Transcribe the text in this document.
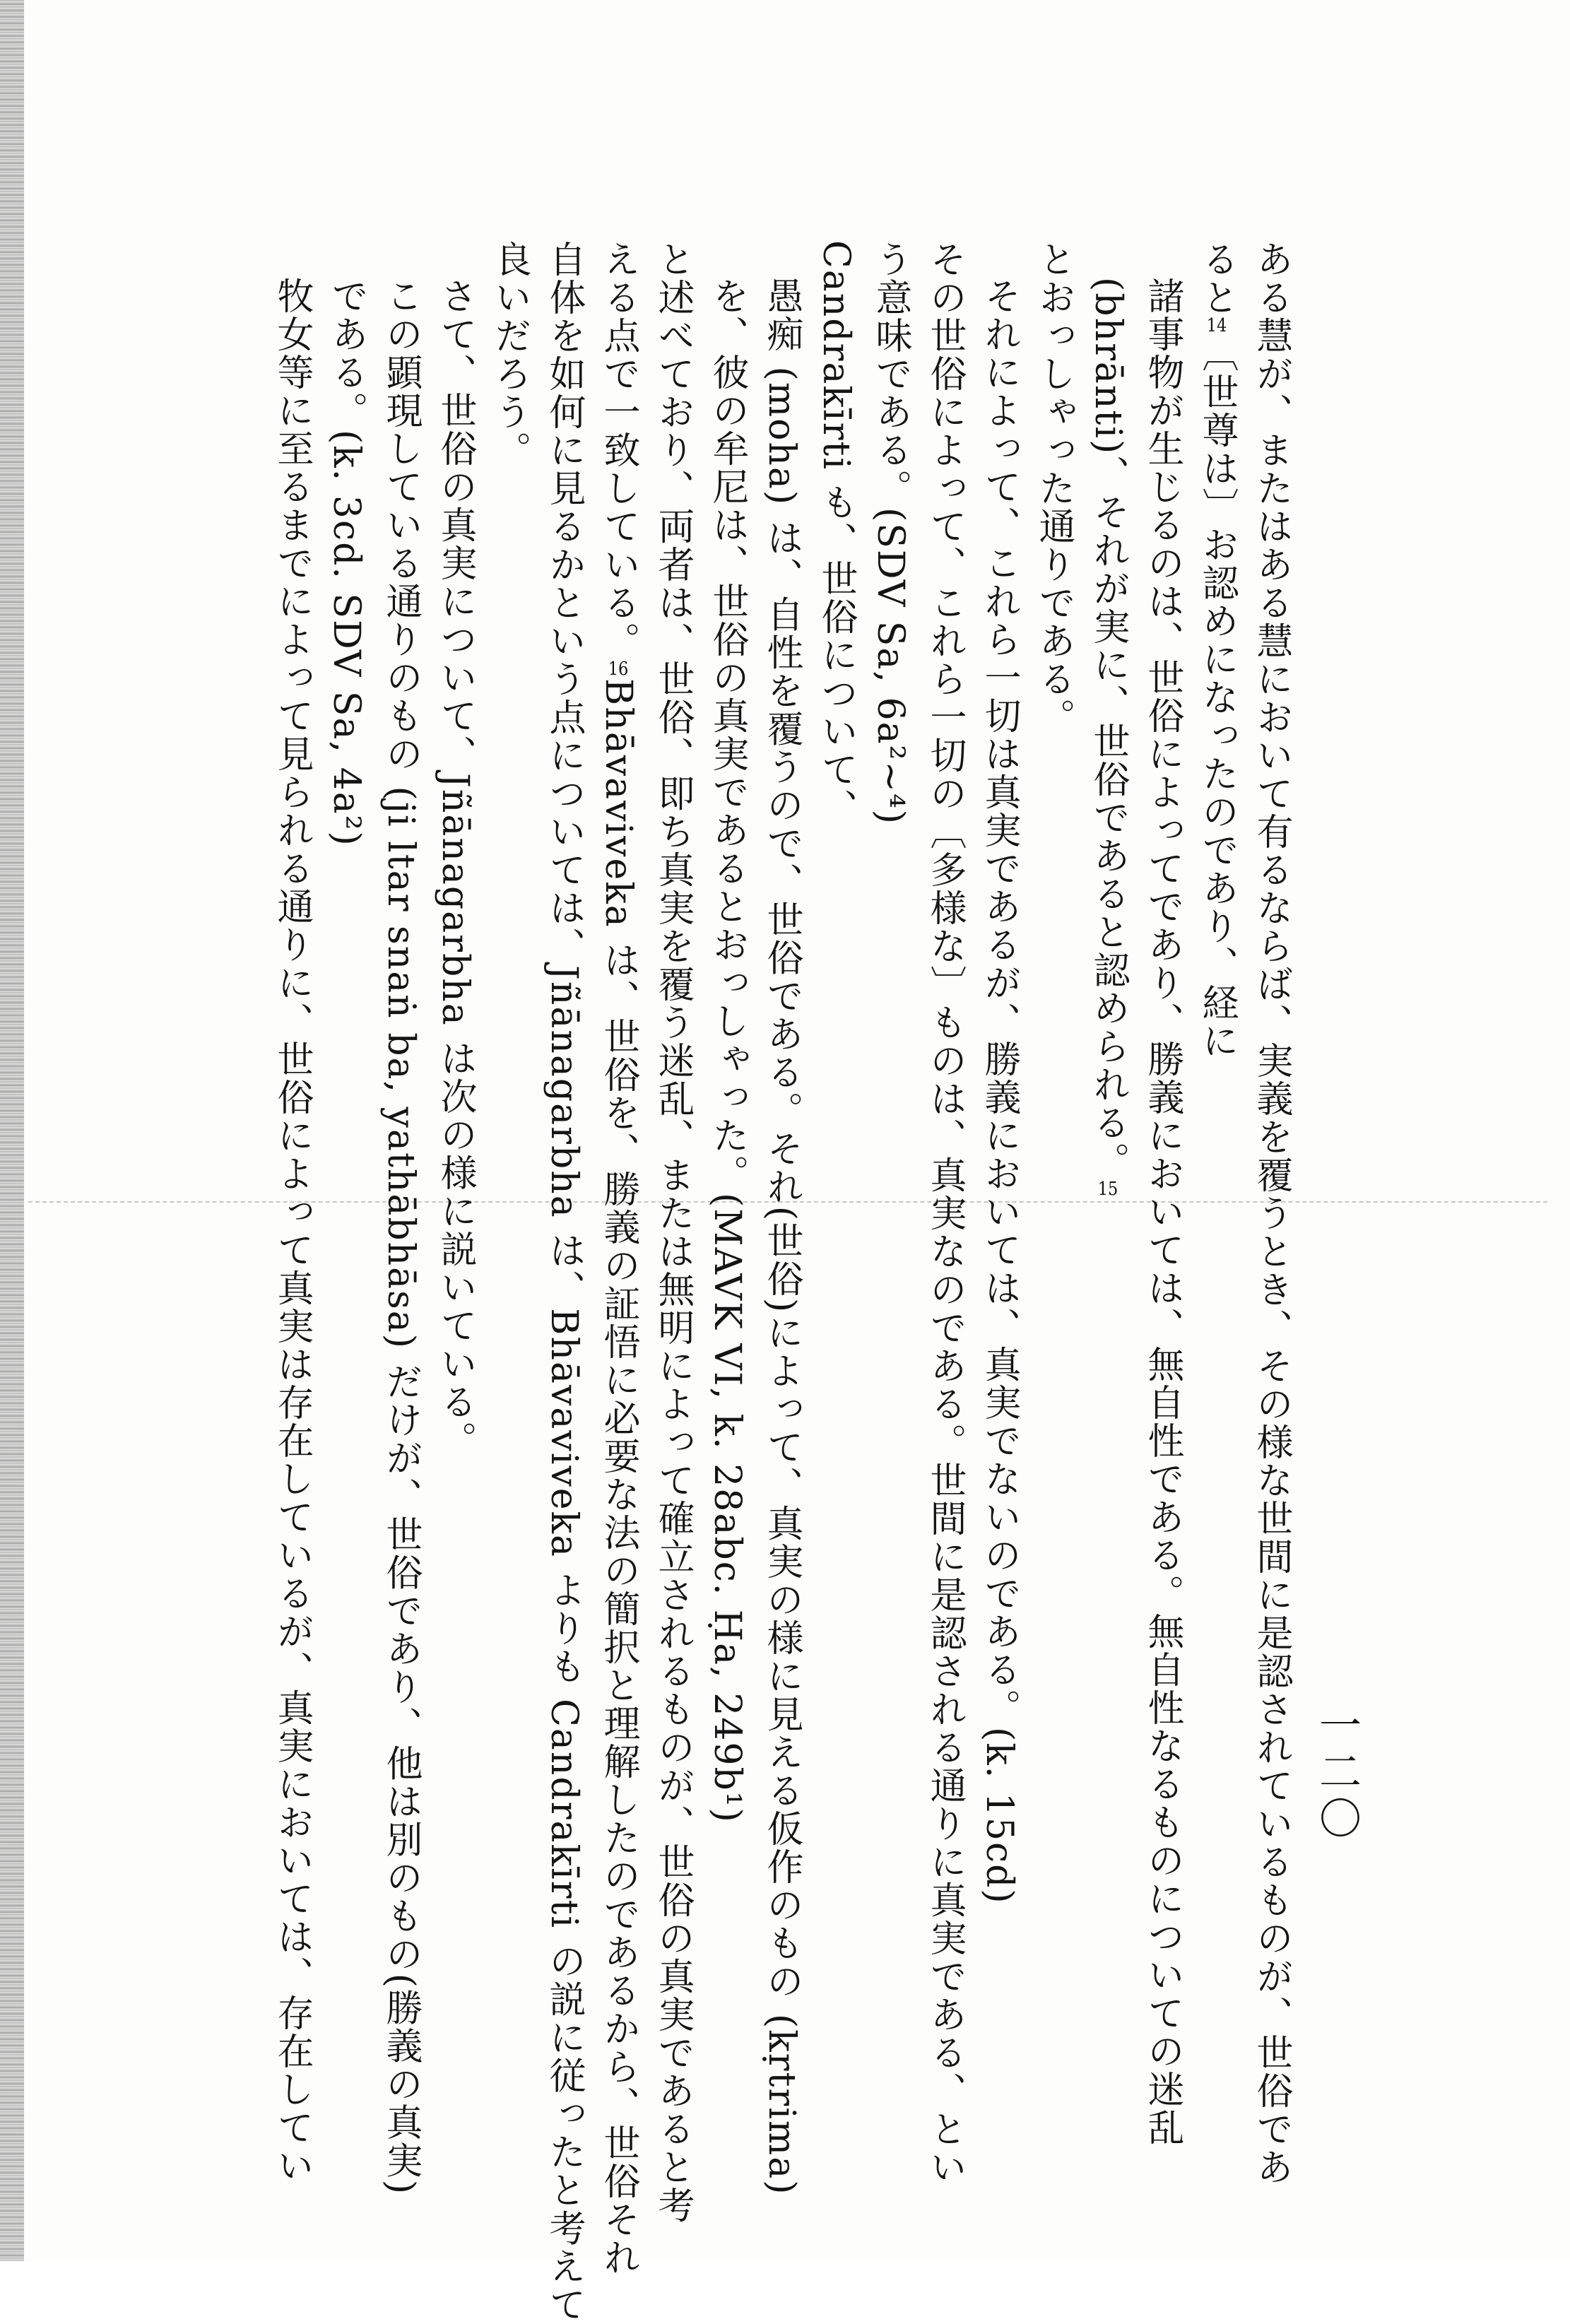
一二〇
ある慧が、またはある慧において有るならば、実義を覆うとき、その様な世間に是認されているものが、世俗であ
ると14〔世尊は〕お認めになったのであり、経に
諸事物が生じるのは、世俗によってであり、勝義においては、無自性である。無自性なるものについての迷乱
(bhrānti)、それが実に、世俗であると認められる。15
とおっしゃった通りである。
それによって、これら一切は真実であるが、勝義においては、真実でないのである。(k. 15cd)
その世俗によって、これら一切の〔多様な〕ものは、真実なのである。世間に是認される通りに真実である、とい
う意味である。(SDV Sa, 6a²~⁴)
Candrakīrti も、世俗について、
愚痴 (moha) は、自性を覆うので、世俗である。それ(世俗)によって、真実の様に見える仮作のもの (kṛtrima)
を、彼の牟尼は、世俗の真実であるとおっしゃった。(MAVK VI, k. 28abc. Ḥa, 249b¹)
と述べており、両者は、世俗、即ち真実を覆う迷乱、または無明によって確立されるものが、世俗の真実であると考
える点で一致している。16Bhāvaviveka は、世俗を、勝義の証悟に必要な法の簡択と理解したのであるから、世俗それ
自体を如何に見るかという点については、Jñānagarbha は、Bhāvaviveka よりも Candrakīrti の説に従ったと考えて
良いだろう。
さて、世俗の真実について、Jñānagarbha は次の様に説いている。
この顕現している通りのもの (ji ltar snaṅ ba, yathābhāsa) だけが、世俗であり、他は別のもの(勝義の真実)
である。(k. 3cd. SDV Sa, 4a²)
牧女等に至るまでによって見られる通りに、世俗によって真実は存在しているが、真実においては、存在してい
